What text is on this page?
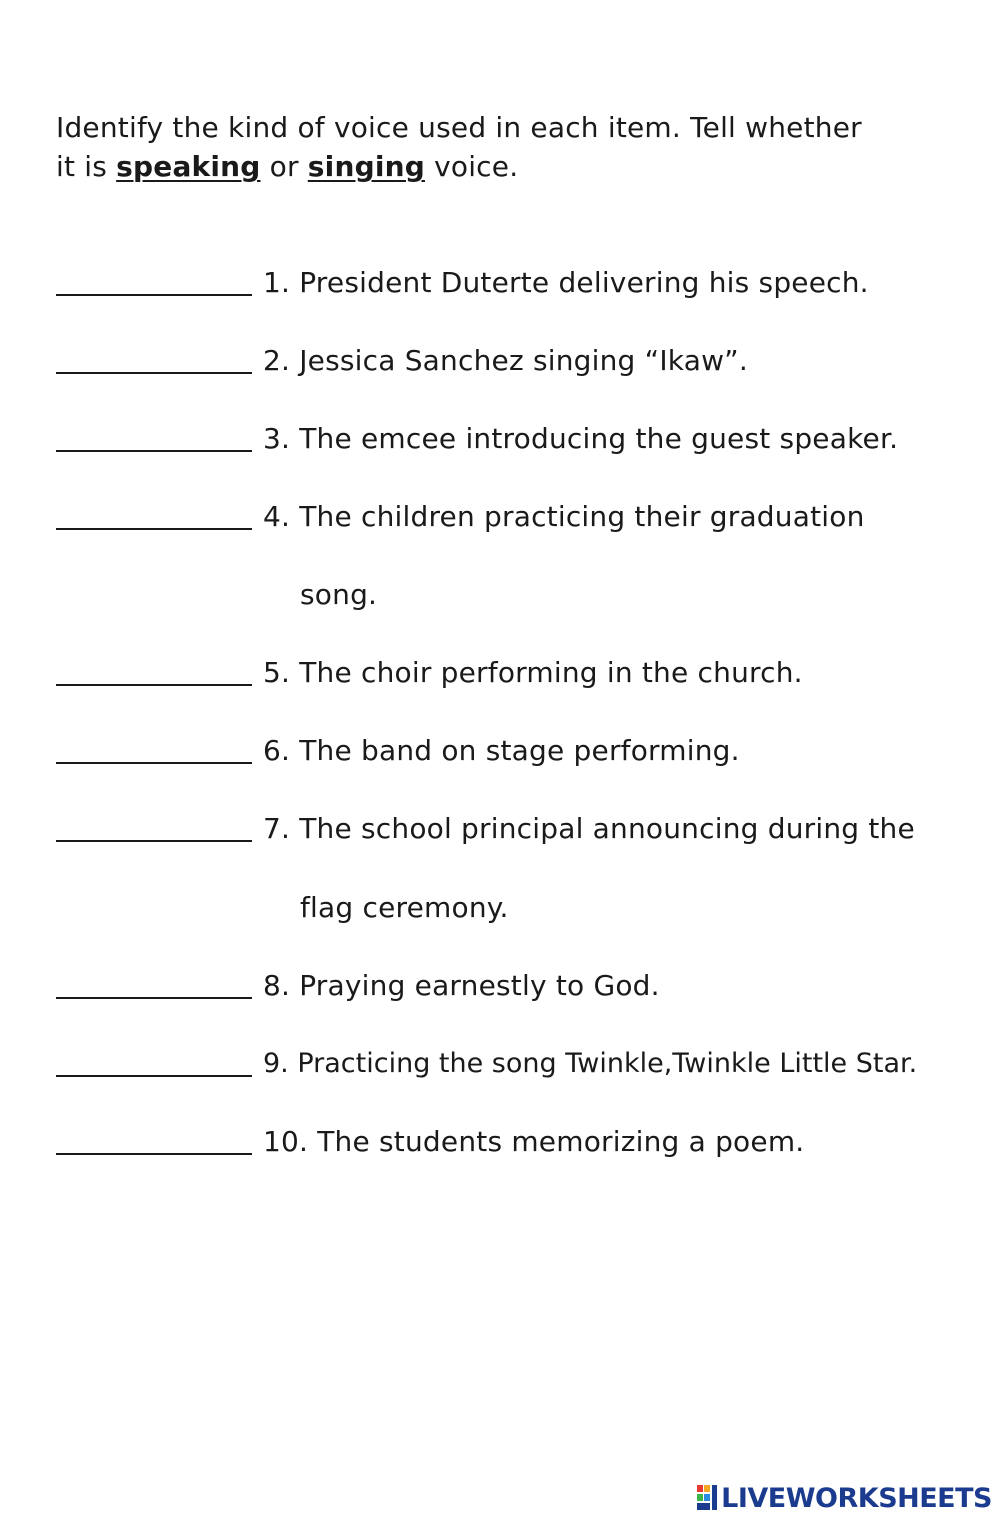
Identify the kind of voice used in each item. Tell whether
it is speaking or singing voice.
1. President Duterte delivering his speech.
2. Jessica Sanchez singing “Ikaw”.
3. The emcee introducing the guest speaker.
4. The children practicing their graduation
song.
5. The choir performing in the church.
6. The band on stage performing.
7. The school principal announcing during the
flag ceremony.
8. Praying earnestly to God.
9. Practicing the song Twinkle,Twinkle Little Star.
10. The students memorizing a poem.
LIVEWORKSHEETS
